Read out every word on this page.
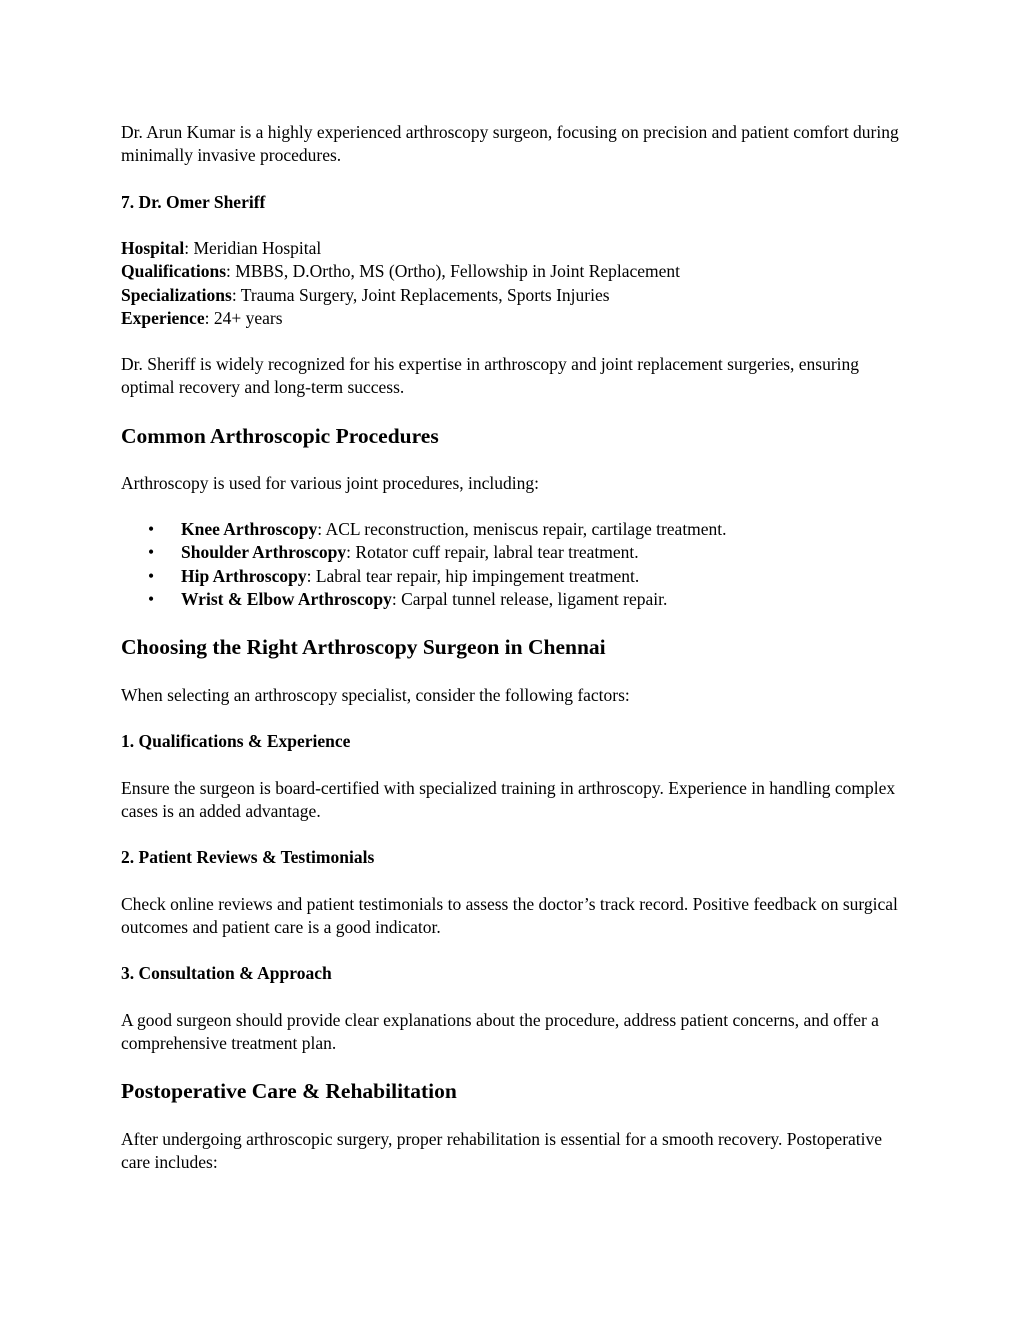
Dr. Arun Kumar is a highly experienced arthroscopy surgeon, focusing on precision and patient comfort during minimally invasive procedures.

7. Dr. Omer Sheriff
Hospital: Meridian Hospital
Qualifications: MBBS, D.Ortho, MS (Ortho), Fellowship in Joint Replacement
Specializations: Trauma Surgery, Joint Replacements, Sports Injuries
Experience: 24+ years

Dr. Sheriff is widely recognized for his expertise in arthroscopy and joint replacement surgeries, ensuring optimal recovery and long-term success.

Common Arthroscopic Procedures

Arthroscopy is used for various joint procedures, including:

• Knee Arthroscopy: ACL reconstruction, meniscus repair, cartilage treatment.
• Shoulder Arthroscopy: Rotator cuff repair, labral tear treatment.
• Hip Arthroscopy: Labral tear repair, hip impingement treatment.
• Wrist & Elbow Arthroscopy: Carpal tunnel release, ligament repair.
Choosing the Right Arthroscopy Surgeon in Chennai

When selecting an arthroscopy specialist, consider the following factors:

1. Qualifications & Experience

Ensure the surgeon is board-certified with specialized training in arthroscopy. Experience in handling complex cases is an added advantage.

2. Patient Reviews & Testimonials

Check online reviews and patient testimonials to assess the doctor’s track record. Positive feedback on surgical outcomes and patient care is a good indicator.

3. Consultation & Approach

A good surgeon should provide clear explanations about the procedure, address patient concerns, and offer a comprehensive treatment plan.

Postoperative Care & Rehabilitation

After undergoing arthroscopic surgery, proper rehabilitation is essential for a smooth recovery. Postoperative care includes:
